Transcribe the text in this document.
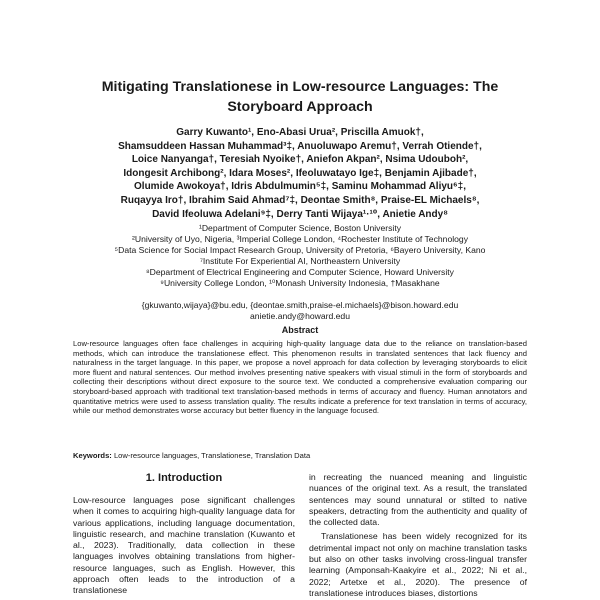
Mitigating Translationese in Low-resource Languages: The
Storyboard Approach
Garry Kuwanto¹, Eno-Abasi Urua², Priscilla Amuok†,
Shamsuddeen Hassan Muhammad³‡, Anuoluwapo Aremu†, Verrah Otiende†,
Loice Nanyanga†, Teresiah Nyoike†, Aniefon Akpan², Nsima Udouboh²,
Idongesit Archibong², Idara Moses², Ifeoluwatayo Ige‡, Benjamin Ajibade†,
Olumide Awokoya†, Idris Abdulmumin⁵‡, Saminu Mohammad Aliyu⁶‡,
Ruqayya Iro†, Ibrahim Said Ahmad⁷‡, Deontae Smith⁸, Praise-EL Michaels⁸,
David Ifeoluwa Adelani⁹‡, Derry Tanti Wijaya¹·¹⁰, Anietie Andy⁸
¹Department of Computer Science, Boston University
²University of Uyo, Nigeria, ³Imperial College London, ⁴Rochester Institute of Technology
⁵Data Science for Social Impact Research Group, University of Pretoria, ⁶Bayero University, Kano
⁷Institute For Experiential AI, Northeastern University
⁸Department of Electrical Engineering and Computer Science, Howard University
⁹University College London, ¹⁰Monash University Indonesia, †Masakhane
{gkuwanto,wijaya}@bu.edu, {deontae.smith,praise-el.michaels}@bison.howard.edu
anietie.andy@howard.edu
Abstract
Low-resource languages often face challenges in acquiring high-quality language data due to the reliance on translation-based methods, which can introduce the translationese effect. This phenomenon results in translated sentences that lack fluency and naturalness in the target language. In this paper, we propose a novel approach for data collection by leveraging storyboards to elicit more fluent and natural sentences. Our method involves presenting native speakers with visual stimuli in the form of storyboards and collecting their descriptions without direct exposure to the source text. We conducted a comprehensive evaluation comparing our storyboard-based approach with traditional text translation-based methods in terms of accuracy and fluency. Human annotators and quantitative metrics were used to assess translation quality. The results indicate a preference for text translation in terms of accuracy, while our method demonstrates worse accuracy but better fluency in the language focused.
Keywords: Low-resource languages, Translationese, Translation Data
1. Introduction

Low-resource languages pose significant challenges when it comes to acquiring high-quality language data for various applications, including language documentation, linguistic research, and machine translation (Kuwanto et al., 2023). Traditionally, data collection in these languages involves obtaining translations from higher-resource languages, such as English. However, this approach often leads to the introduction of a translationese

in recreating the nuanced meaning and linguistic nuances of the original text. As a result, the translated sentences may sound unnatural or stilted to native speakers, detracting from the authenticity and quality of the collected data.

Translationese has been widely recognized for its detrimental impact not only on machine translation tasks but also on other tasks involving cross-lingual transfer learning (Amponsah-Kaakyire et al., 2022; Ni et al., 2022; Artetxe et al., 2020). The presence of translationese introduces biases, distortions
